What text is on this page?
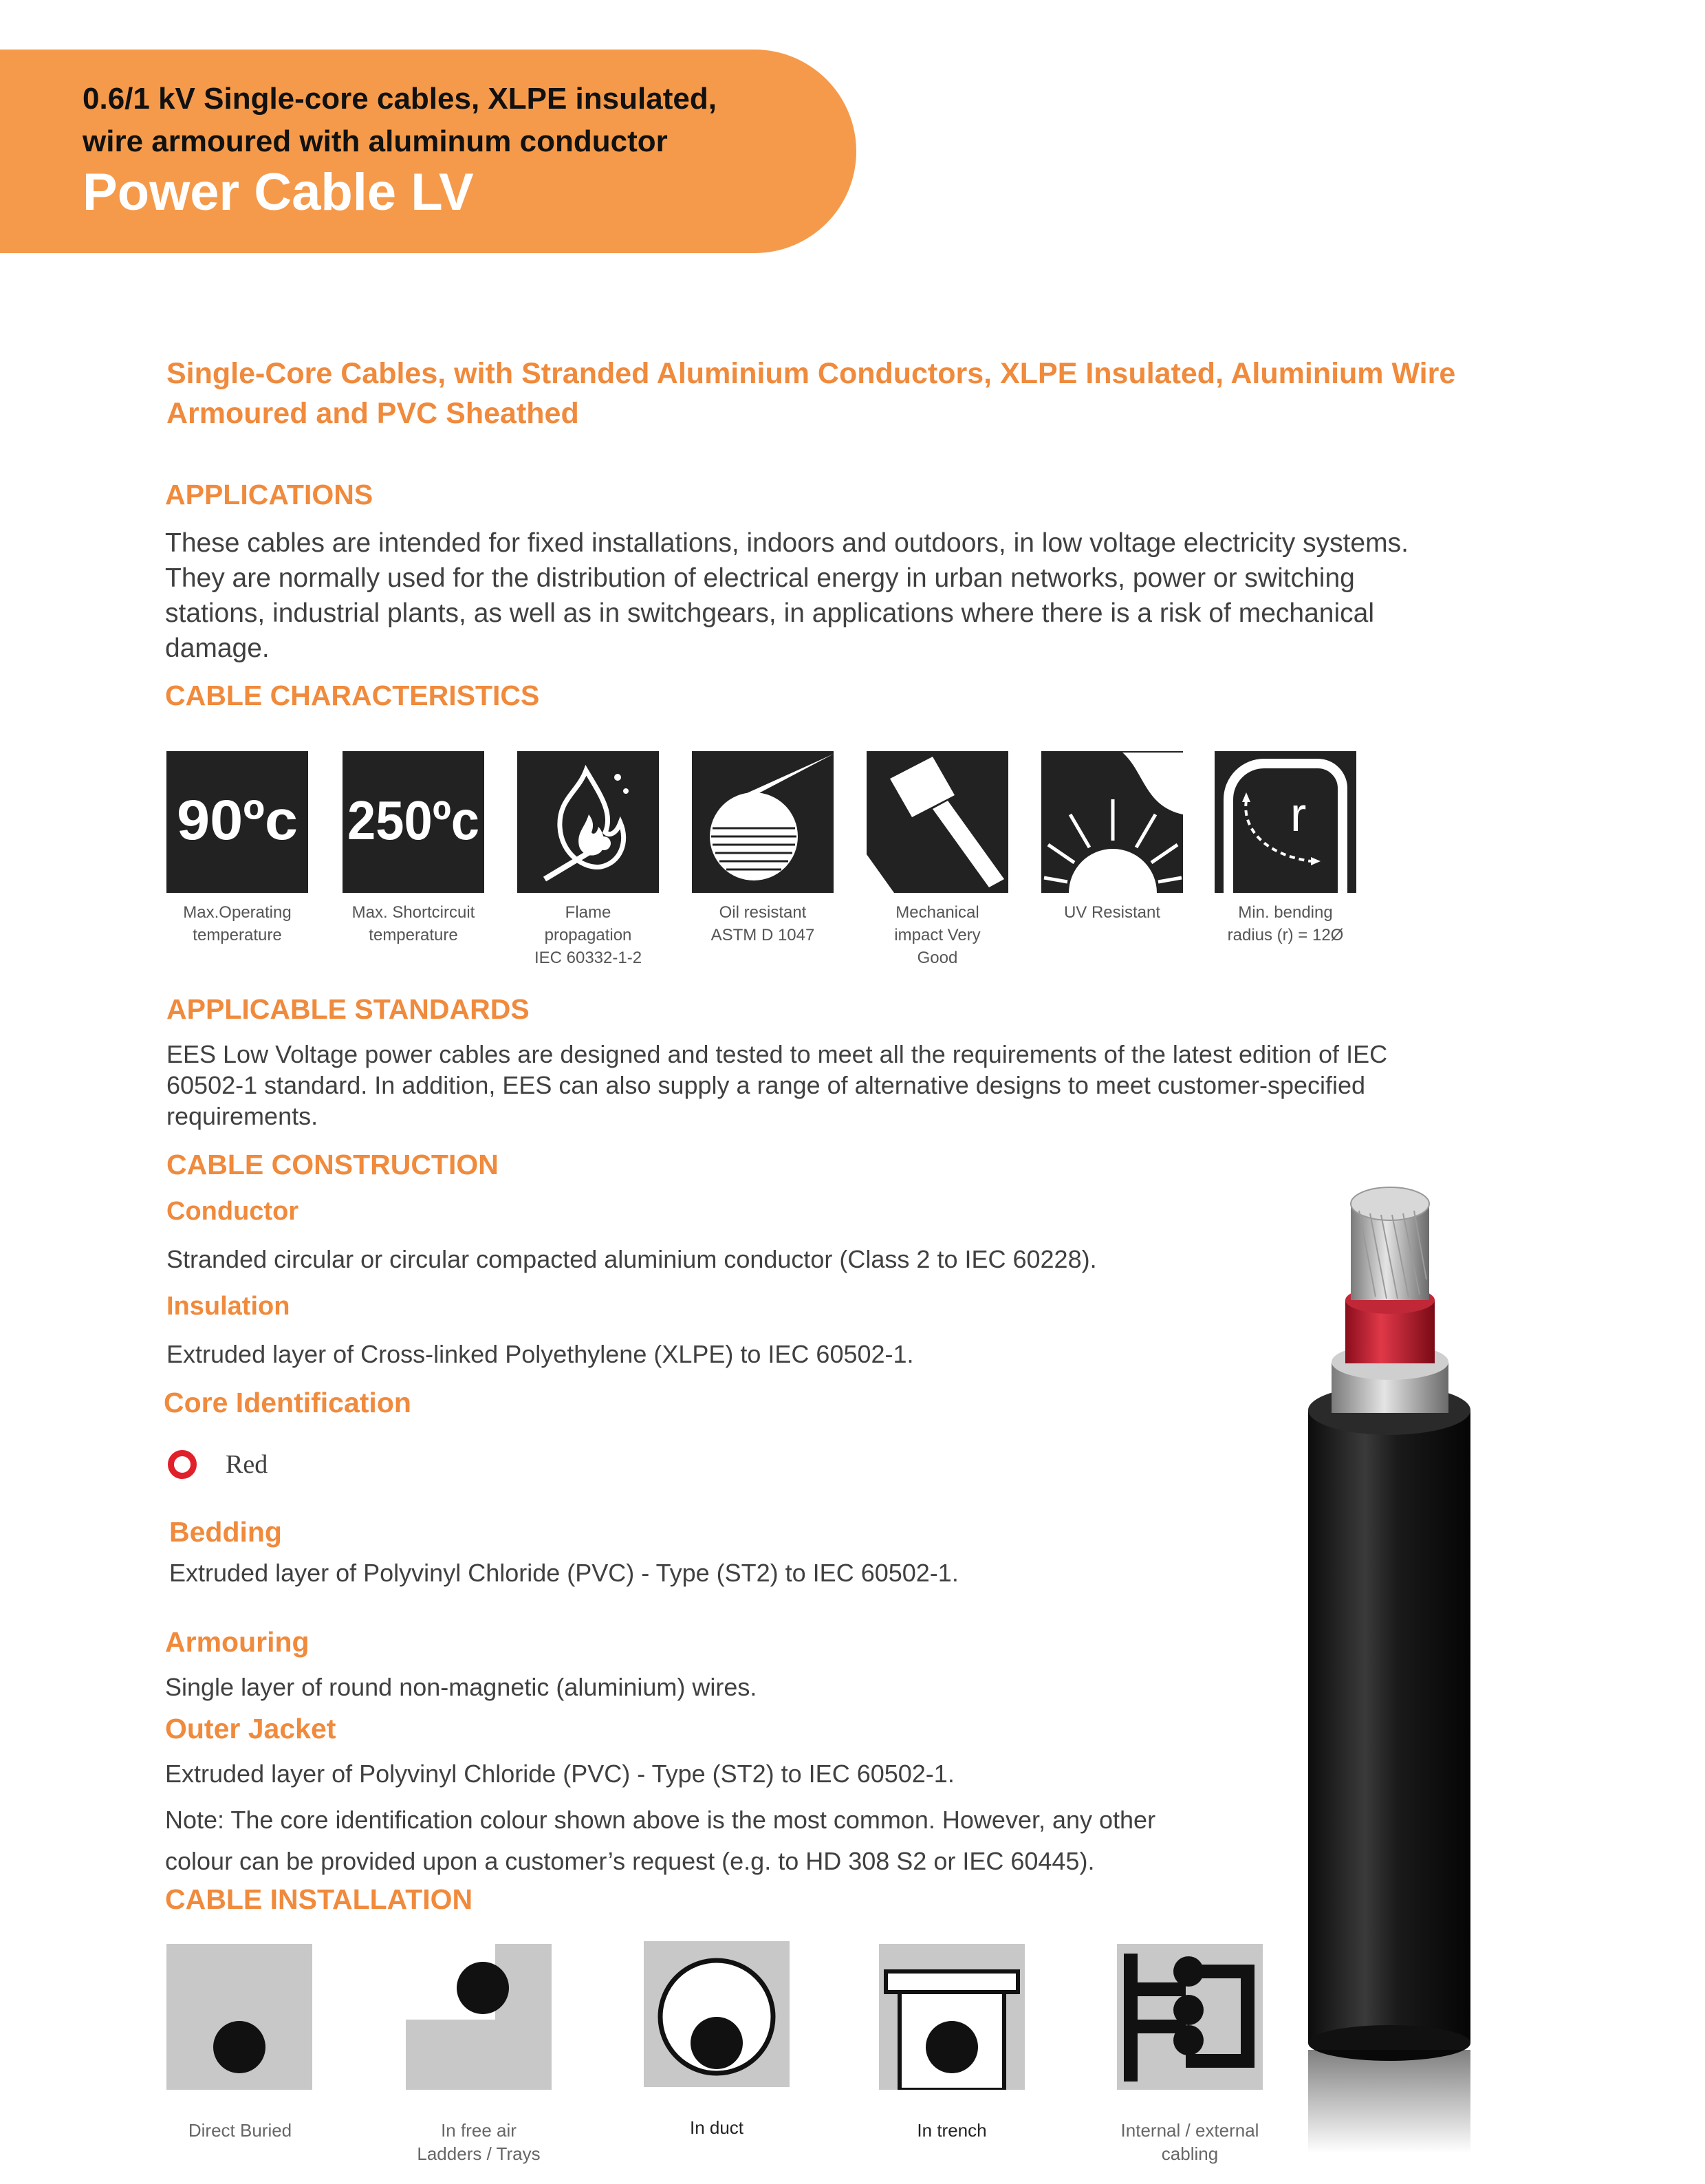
0.6/1 kV Single-core cables, XLPE insulated,
wire armoured with aluminum conductor
Power Cable LV
Single-Core Cables, with Stranded Aluminium Conductors, XLPE Insulated, Aluminium Wire
Armoured and PVC Sheathed
APPLICATIONS
These cables are intended for fixed installations, indoors and outdoors, in low voltage electricity systems.
They are normally used for the distribution of electrical energy in urban networks, power or switching
stations, industrial plants, as well as in switchgears, in applications where there is a risk of mechanical
damage.
CABLE CHARACTERISTICS
90ºc
Max.Operating
temperature
250ºc
Max. Shortcircuit
temperature
Flame
propagation
IEC 60332-1-2
Oil resistant
ASTM D 1047
Mechanical
impact Very
Good
UV Resistant
r
Min. bending
radius (r) = 12Ø
APPLICABLE STANDARDS
EES Low Voltage power cables are designed and tested to meet all the requirements of the latest edition of IEC
60502-1 standard. In addition, EES can also supply a range of alternative designs to meet customer-specified
requirements.
CABLE CONSTRUCTION
Conductor
Stranded circular or circular compacted aluminium conductor (Class 2 to IEC 60228).
Insulation
Extruded layer of Cross-linked Polyethylene (XLPE) to IEC 60502-1.
Core Identification
Red
Bedding
Extruded layer of Polyvinyl Chloride (PVC) - Type (ST2) to IEC 60502-1.
Armouring
Single layer of round non-magnetic (aluminium) wires.
Outer Jacket
Extruded layer of Polyvinyl Chloride (PVC) - Type (ST2) to IEC 60502-1.
Note: The core identification colour shown above is the most common. However, any other
colour can be provided upon a customer’s request (e.g. to HD 308 S2 or IEC 60445).
CABLE INSTALLATION
Direct Buried	In free air
Ladders / Trays
In duct	In trench	Internal / external
cabling
